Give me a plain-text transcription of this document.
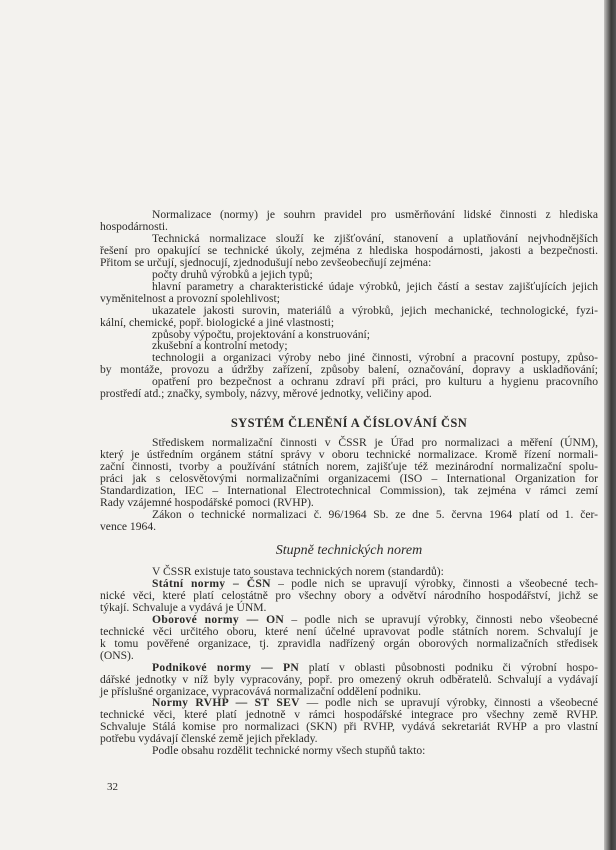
Normalizace (normy) je souhrn pravidel pro usměrňování lidské činnosti z hlediska
hospodárnosti.
Technická normalizace slouží ke zjišťování, stanovení a uplatňování nejvhodnějších
řešení pro opakující se technické úkoly, zejména z hlediska hospodárnosti, jakosti a bezpečnosti.
Přitom se určují, sjednocují, zjednodušují nebo zevšeobecňují zejména:
počty druhů výrobků a jejich typů;
hlavní parametry a charakteristické údaje výrobků, jejich částí a sestav zajišťujících jejich
vyměnitelnost a provozní spolehlivost;
ukazatele jakosti surovin, materiálů a výrobků, jejich mechanické, technologické, fyzi-
kální, chemické, popř. biologické a jiné vlastnosti;
způsoby výpočtu, projektování a konstruování;
zkušební a kontrolní metody;
technologii a organizaci výroby nebo jiné činnosti, výrobní a pracovní postupy, způso-
by montáže, provozu a údržby zařízení, způsoby balení, označování, dopravy a uskladňování;
opatření pro bezpečnost a ochranu zdraví při práci, pro kulturu a hygienu pracovního
prostředí atd.; značky, symboly, názvy, měrové jednotky, veličiny apod.
SYSTÉM ČLENĚNÍ A ČÍSLOVÁNÍ ČSN
Střediskem normalizační činnosti v ČSSR je Úřad pro normalizaci a měření (ÚNM),
který je ústředním orgánem státní správy v oboru technické normalizace. Kromě řízení normali-
zační činnosti, tvorby a používání státních norem, zajišťuje též mezinárodní normalizační spolu-
práci jak s celosvětovými normalizačními organizacemi (ISO – International Organization for
Standardization, IEC – International Electrotechnical Commission), tak zejména v rámci zemí
Rady vzájemné hospodářské pomoci (RVHP).
Zákon o technické normalizaci č. 96/1964 Sb. ze dne 5. června 1964 platí od 1. čer-
vence 1964.
Stupně technických norem
V ČSSR existuje tato soustava technických norem (standardů):
Státní normy – ČSN – podle nich se upravují výrobky, činnosti a všeobecné tech-
nické věci, které platí celostátně pro všechny obory a odvětví národního hospodářství, jichž se
týkají. Schvaluje a vydává je ÚNM.
Oborové normy — ON – podle nich se upravují výrobky, činnosti nebo všeobecné
technické věci určitého oboru, které není účelné upravovat podle státních norem. Schvalují je
k tomu pověřené organizace, tj. zpravidla nadřízený orgán oborových normalizačních středisek
(ONS).
Podnikové normy — PN platí v oblasti působnosti podniku či výrobní hospo-
dářské jednotky v níž byly vypracovány, popř. pro omezený okruh odběratelů. Schvalují a vydávají
je příslušné organizace, vypracovává normalizační oddělení podniku.
Normy RVHP — ST SEV — podle nich se upravují výrobky, činnosti a všeobecné
technické věci, které platí jednotně v rámci hospodářské integrace pro všechny země RVHP.
Schvaluje Stálá komise pro normalizaci (SKN) při RVHP, vydává sekretariát RVHP a pro vlastní
potřebu vydávají členské země jejich překlady.
Podle obsahu rozdělit technické normy všech stupňů takto:
32
